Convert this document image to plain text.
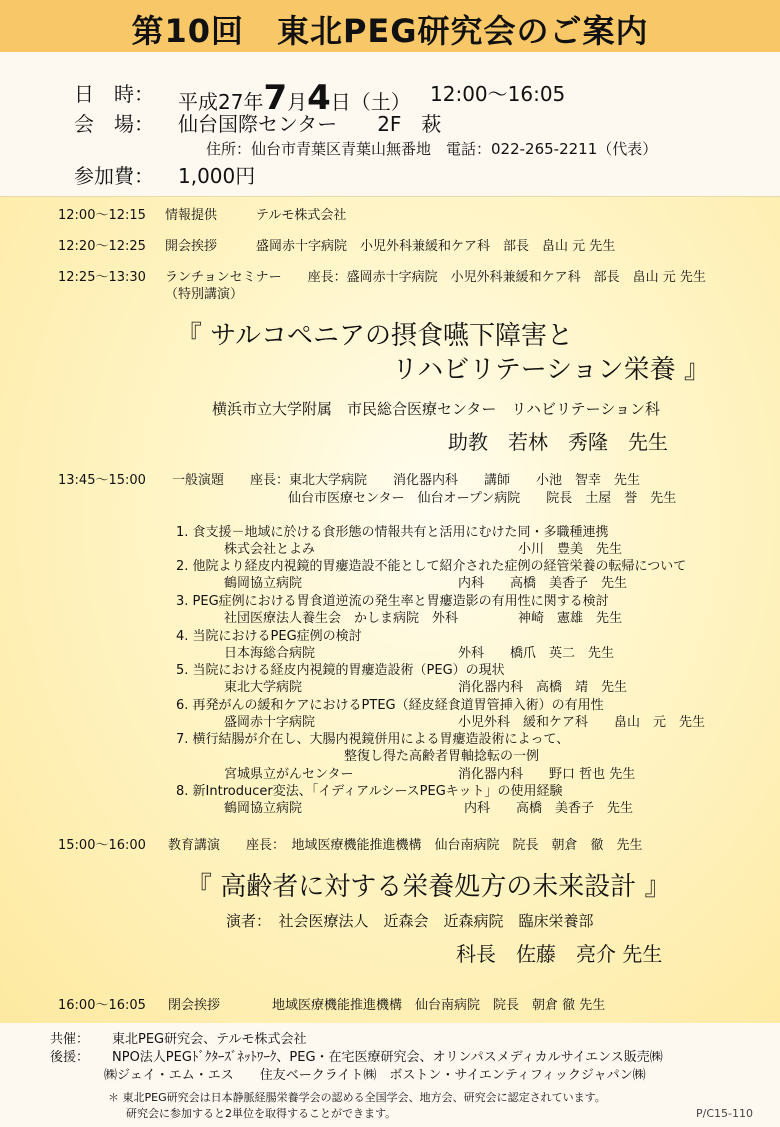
第10回　東北PEG研究会のご案内
日　時： 平成27年7月4日（土） 12:00～16:05
会　場： 仙台国際センター　　2F　萩
住所：仙台市青葉区青葉山無番地　電話：022-265-2211（代表）
参加費： 1,000円
12:00～12:15 情報提供　　　テルモ株式会社
12:20～12:25 開会挨拶　　　盛岡赤十字病院　小児外科兼緩和ケア科　部長　畠山 元 先生
12:25～13:30 ランチョンセミナー　　座長：盛岡赤十字病院　小児外科兼緩和ケア科　部長　畠山 元 先生
（特別講演）
『 サルコペニアの摂食嚥下障害と
リハビリテーション栄養 』
横浜市立大学附属　市民総合医療センター　リハビリテーション科
助教　若林　秀隆　先生
13:45～15:00 一般演題　　座長：東北大学病院　　消化器内科　　講師　　小池　智幸　先生
仙台市医療センター　仙台オープン病院　　院長　土屋　誉　先生
1. 食支援－地域に於ける食形態の情報共有と活用にむけた同・多職種連携
株式会社とよみ	小川　豊美　先生
2. 他院より経皮内視鏡的胃瘻造設不能として紹介された症例の経管栄養の転帰について
鶴岡協立病院	内科　　高橋　美香子　先生
3. PEG症例における胃食道逆流の発生率と胃瘻造影の有用性に関する検討
社団医療法人養生会　かしま病院　外科	神崎　憲雄　先生
4. 当院におけるPEG症例の検討
日本海総合病院	外科　　橋爪　英二　先生
5. 当院における経皮内視鏡的胃瘻造設術（PEG）の現状
東北大学病院	消化器内科　高橋　靖　先生
6. 再発がんの緩和ケアにおけるPTEG（経皮経食道胃管挿入術）の有用性
盛岡赤十字病院	小児外科　緩和ケア科　　畠山　元　先生
7. 横行結腸が介在し、大腸内視鏡併用による胃瘻造設術によって、
整復し得た高齢者胃軸捻転の一例
宮城県立がんセンター	消化器内科　　野口 哲也 先生
8. 新Introducer変法、「イディアルシースPEGキット」の使用経験
鶴岡協立病院	内科　　高橋　美香子　先生
15:00～16:00 教育講演　　座長：　地域医療機能推進機構　仙台南病院　院長　朝倉　徹　先生
『 高齢者に対する栄養処方の未来設計 』
演者：　社会医療法人　近森会　近森病院　臨床栄養部
科長　佐藤　亮介 先生
16:00～16:05 閉会挨拶　　　　地域医療機能推進機構　仙台南病院　院長　朝倉 徹 先生
共催： 東北PEG研究会、テルモ株式会社
後援： NPO法人PEGﾄﾞｸﾀｰｽﾞﾈｯﾄﾜｰｸ、PEG・在宅医療研究会、オリンパスメディカルサイエンス販売㈱
㈱ジェイ・エム・エス　　住友ベークライト㈱　ボストン・サイエンティフィックジャパン㈱
＊ 東北PEG研究会は日本静脈経腸栄養学会の認める全国学会、地方会、研究会に認定されています。
研究会に参加すると2単位を取得することができます。	P/C15-110
